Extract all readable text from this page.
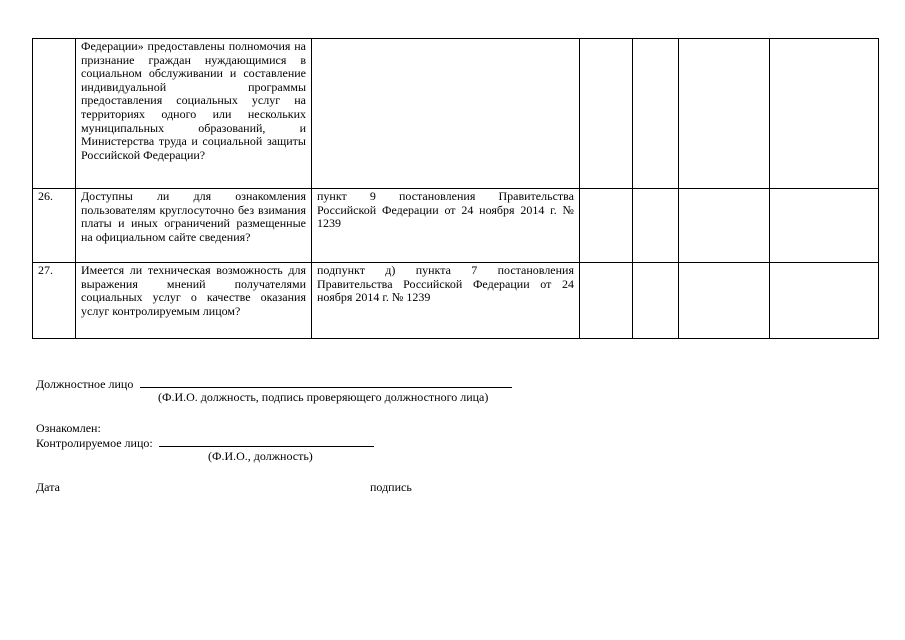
	Федерации» предоставлены полномочия на признание граждан нуждающимися в социальном обслуживании и составление индивидуальной программы предоставления социальных услуг на территориях одного или нескольких муниципальных образований, и Министерства труда и социальной защиты Российской Федерации?					
26.	Доступны ли для ознакомления пользователям круглосуточно без взимания платы и иных ограничений размещенные на официальном сайте сведения?	пункт 9 постановления Правительства Российской Федерации от 24 ноября 2014 г. № 1239				
27.	Имеется ли техническая возможность для выражения мнений получателями социальных услуг о качестве оказания услуг контролируемым лицом?	подпункт д) пункта 7 постановления Правительства Российской Федерации от 24 ноября 2014 г. № 1239				
Должностное лицо
(Ф.И.О. должность, подпись проверяющего должностного лица)
Ознакомлен:
Контролируемое лицо:
(Ф.И.О., должность)
Дата	подпись
